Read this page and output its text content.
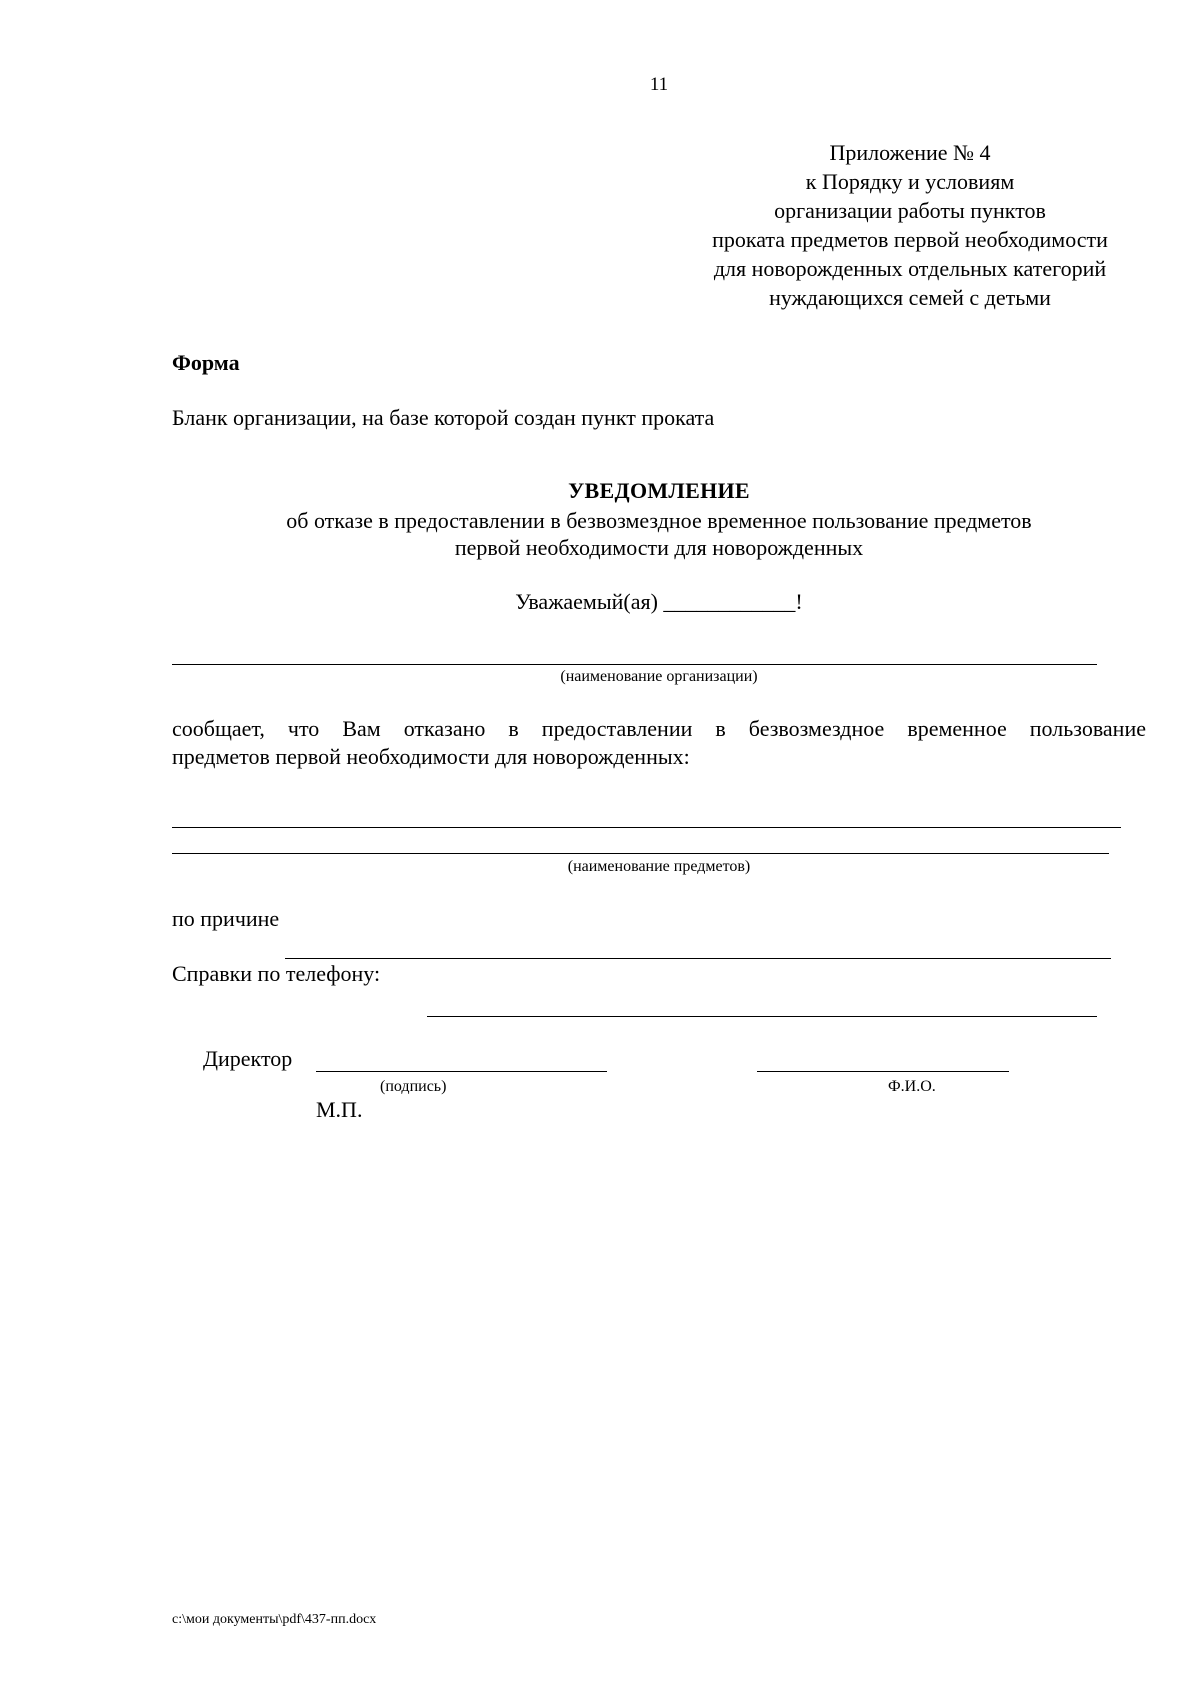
11
Приложение № 4
к Порядку и условиям
организации работы пунктов
проката предметов первой необходимости
для новорожденных отдельных категорий
нуждающихся семей с детьми
Форма
Бланк организации, на базе которой создан пункт проката
УВЕДОМЛЕНИЕ
об отказе в предоставлении в безвозмездное временное пользование предметов
первой необходимости для новорожденных
Уважаемый(ая) ____________!
(наименование организации)
сообщает, что Вам отказано в предоставлении в безвозмездное временное пользование
предметов первой необходимости для новорожденных:
(наименование предметов)
по причине
Справки по телефону:
Директор
(подпись)	Ф.И.О.
М.П.
c:\мои документы\pdf\437-пп.docx
